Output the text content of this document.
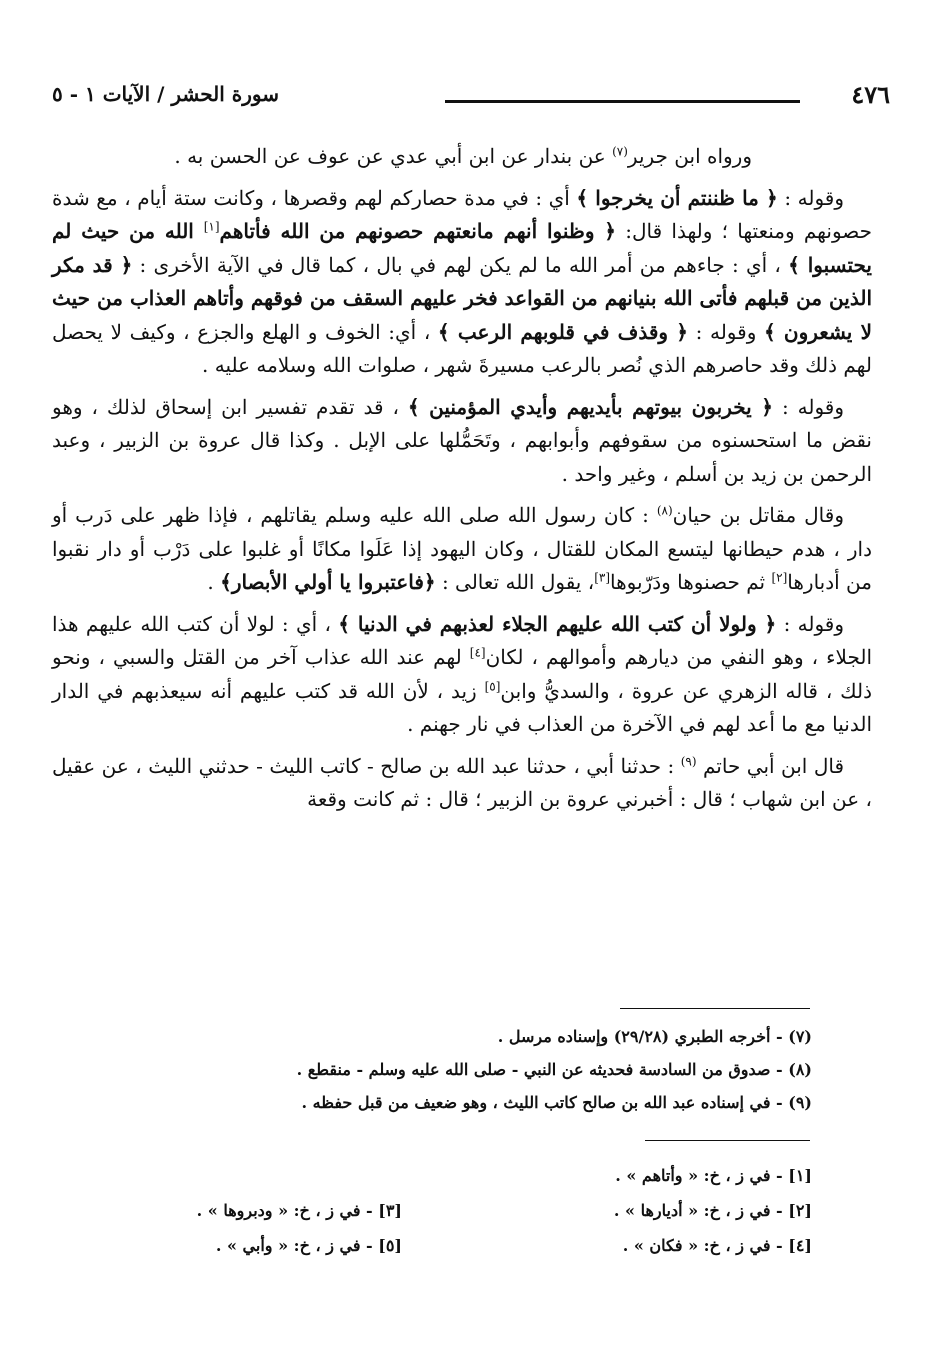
٤٧٦
سورة الحشر / الآيات ١ - ٥

ورواه ابن جرير$^{(٧)}$ عن بندار عن ابن أبي عدي عن عوف عن الحسن به .

وقوله : ﴿ ما ظننتم أن يخرجوا ﴾ أي : في مدة حصاركم لهم وقصرها ، وكانت ستة أيام ، مع شدة حصونهم ومنعتها ؛ ولهذا قال: ﴿ وظنوا أنهم مانعتهم حصونهم من الله فأتاهم[١] الله من حيث لم يحتسبوا ﴾ ، أي : جاءهم من أمر الله ما لم يكن لهم في بال ، كما قال في الآية الأخرى : ﴿ قد مكر الذين من قبلهم فأتى الله بنيانهم من القواعد فخر عليهم السقف من فوقهم وأتاهم العذاب من حيث لا يشعرون ﴾ وقوله : ﴿ وقذف في قلوبهم الرعب ﴾ ، أي: الخوف و الهلع والجزع ، وكيف لا يحصل لهم ذلك وقد حاصرهم الذي نُصر بالرعب مسيرةَ شهر ، صلوات الله وسلامه عليه .

وقوله : ﴿ يخربون بيوتهم بأيديهم وأيدي المؤمنين ﴾ ، قد تقدم تفسير ابن إسحاق لذلك ، وهو نقض ما استحسنوه من سقوفهم وأبوابهم ، وتَحَمُّلها على الإبل . وكذا قال عروة بن الزبير ، وعبد الرحمن بن زيد بن أسلم ، وغير واحد .

وقال مقاتل بن حيان$^{(٨)}$ : كان رسول الله صلى الله عليه وسلم يقاتلهم ، فإذا ظهر على دَرب أو دار ، هدم حيطانها ليتسع المكان للقتال ، وكان اليهود إذا عَلَوا مكانًا أو غلبوا على دَرْب أو دار نقبوا من أدبارها[٢] ثم حصنوها ودَرّبوها[٣]، يقول الله تعالى : ﴿فاعتبروا يا أولي الأبصار﴾ .

وقوله : ﴿ ولولا أن كتب الله عليهم الجلاء لعذبهم في الدنيا ﴾ ، أي : لولا أن كتب الله عليهم هذا الجلاء ، وهو النفي من ديارهم وأموالهم ، لكان[٤] لهم عند الله عذاب آخر من القتل والسبي ، ونحو ذلك ، قاله الزهري عن عروة ، والسديُّ وابن[٥] زيد ، لأن الله قد كتب عليهم أنه سيعذبهم في الدار الدنيا مع ما أعد لهم في الآخرة من العذاب في نار جهنم .

قال ابن أبي حاتم $^{(٩)}$ : حدثنا أبي ، حدثنا عبد الله بن صالح - كاتب الليث - حدثني الليث ، عن عقيل ، عن ابن شهاب ؛ قال : أخبرني عروة بن الزبير ؛ قال : ثم كانت وقعة

(٧) - أخرجه الطبري (٢٩/٢٨) وإسناده مرسل .
(٨) - صدوق من السادسة فحديثه عن النبي - صلى الله عليه وسلم - منقطع .
(٩) - في إسناده عبد الله بن صالح كاتب الليث ، وهو ضعيف من قبل حفظه .
[١] - في ز ، خ: « وأتاهم » .
[٢] - في ز ، خ: « أديارها » .
[٣] - في ز ، خ: « ودبروها » .
[٤] - في ز ، خ: « فكان » .
[٥] - في ز ، خ: « وأبي » .
